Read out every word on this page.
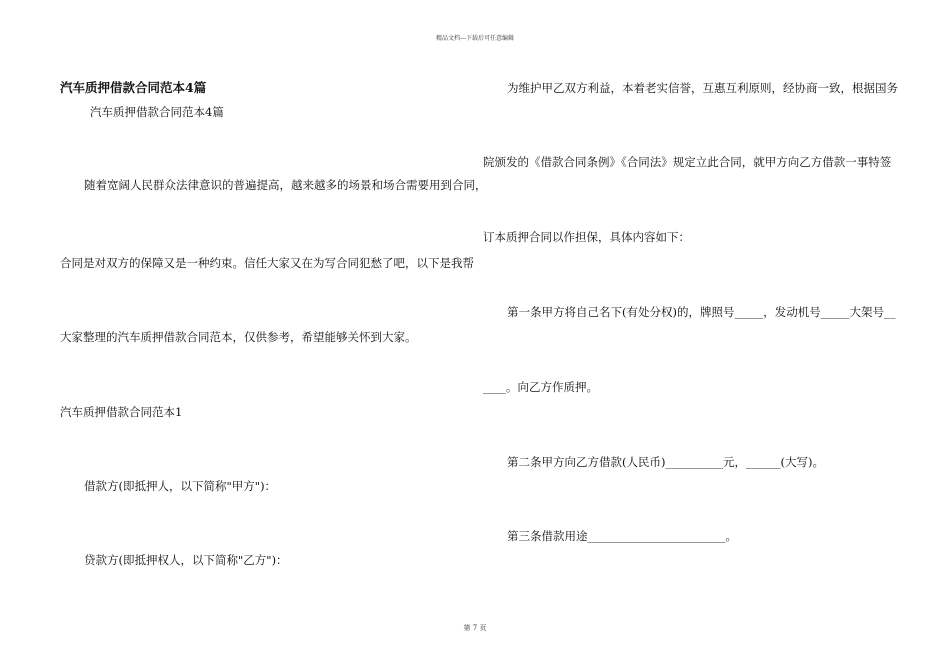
精品文档---下载后可任意编辑
汽车质押借款合同范本4篇
汽车质押借款合同范本4篇
随着宽阔人民群众法律意识的普遍提高，越来越多的场景和场合需要用到合同，
合同是对双方的保障又是一种约束。信任大家又在为写合同犯愁了吧，以下是我帮
大家整理的汽车质押借款合同范本，仅供参考，希望能够关怀到大家。
汽车质押借款合同范本1
借款方(即抵押人，以下简称"甲方")：
贷款方(即抵押权人，以下简称"乙方")：
为维护甲乙双方利益，本着老实信誉，互惠互利原则，经协商一致，根据国务
院颁发的《借款合同条例》《合同法》规定立此合同，就甲方向乙方借款一事特签
订本质押合同以作担保，具体内容如下：
第一条甲方将自己名下(有处分权)的，牌照号_____，发动机号_____大架号__
____。向乙方作质押。
第二条甲方向乙方借款(人民币)__________元，______(大写)。
第三条借款用途________________________。
第 7 页
